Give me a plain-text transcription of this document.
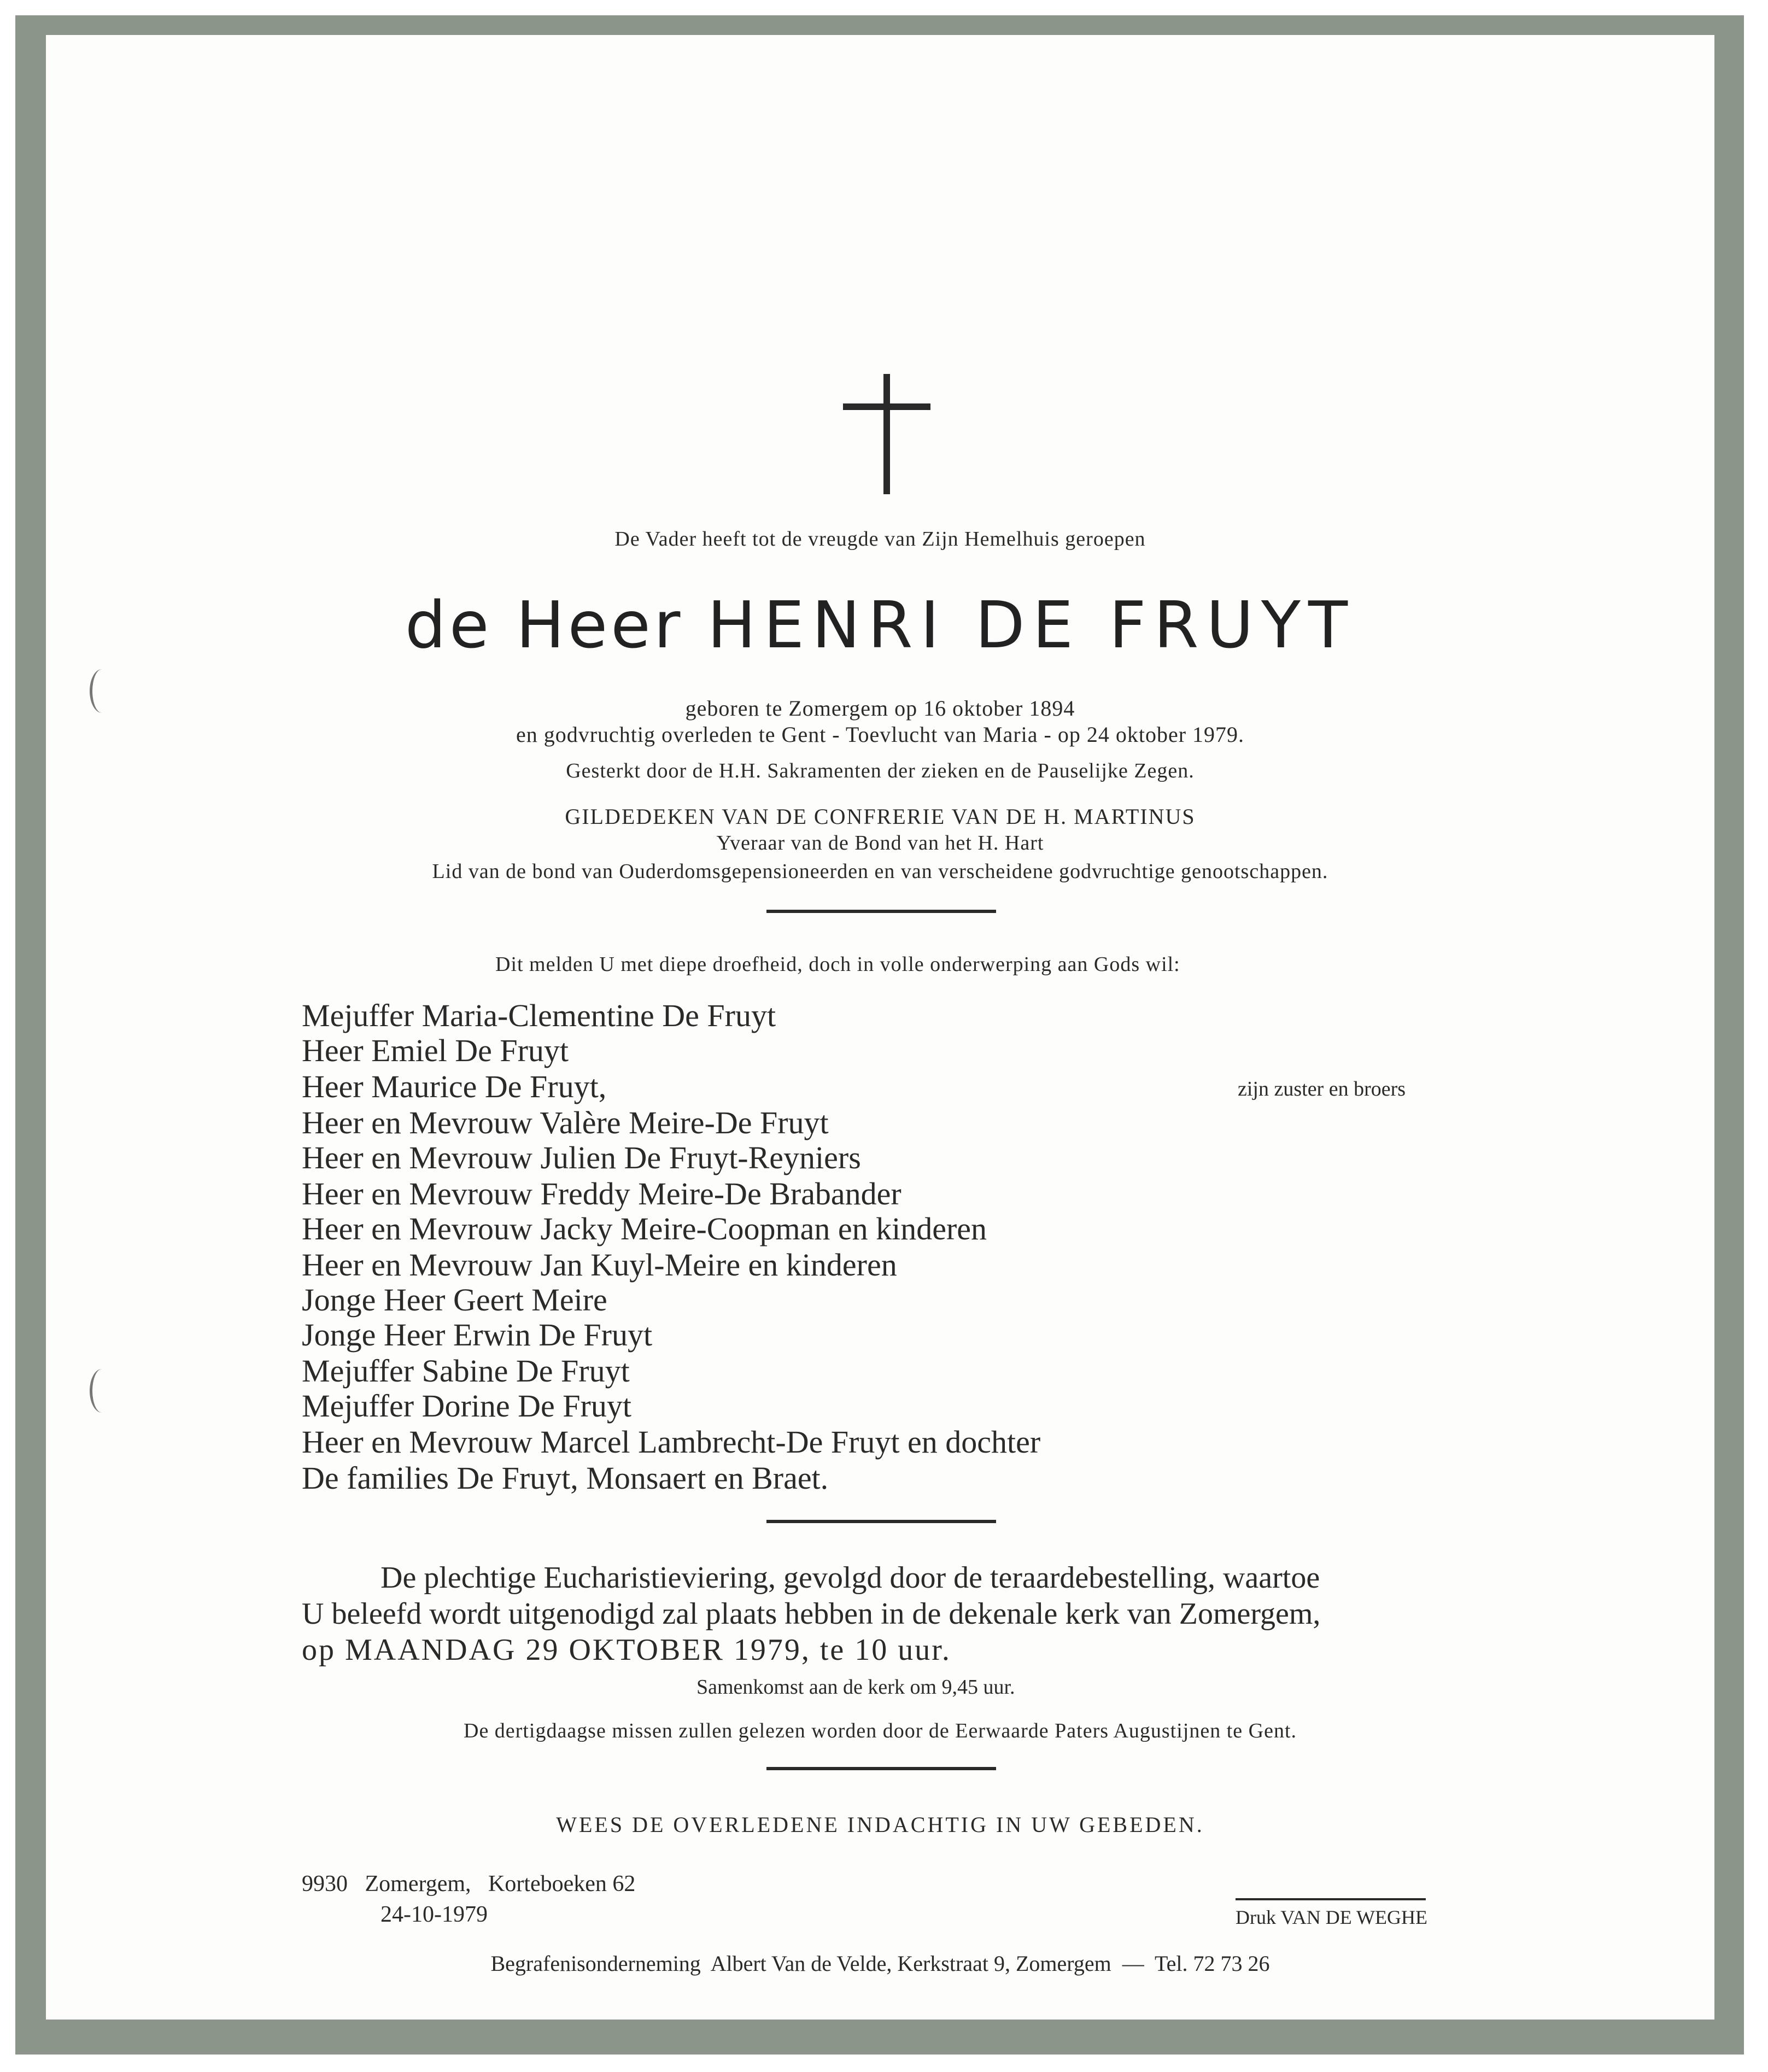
De Vader heeft tot de vreugde van Zijn Hemelhuis geroepen
de Heer HENRI DE FRUYT
geboren te Zomergem op 16 oktober 1894
en godvruchtig overleden te Gent - Toevlucht van Maria - op 24 oktober 1979.
Gesterkt door de H.H. Sakramenten der zieken en de Pauselijke Zegen.
GILDEDEKEN VAN DE CONFRERIE VAN DE H. MARTINUS
Yveraar van de Bond van het H. Hart
Lid van de bond van Ouderdomsgepensioneerden en van verscheidene godvruchtige genootschappen.
Dit melden U met diepe droefheid, doch in volle onderwerping aan Gods wil:
Mejuffer Maria-Clementine De Fruyt
Heer Emiel De Fruyt
Heer Maurice De Fruyt,	zijn zuster en broers
Heer en Mevrouw Valère Meire-De Fruyt
Heer en Mevrouw Julien De Fruyt-Reyniers
Heer en Mevrouw Freddy Meire-De Brabander
Heer en Mevrouw Jacky Meire-Coopman en kinderen
Heer en Mevrouw Jan Kuyl-Meire en kinderen
Jonge Heer Geert Meire
Jonge Heer Erwin De Fruyt
Mejuffer Sabine De Fruyt
Mejuffer Dorine De Fruyt
Heer en Mevrouw Marcel Lambrecht-De Fruyt en dochter
De families De Fruyt, Monsaert en Braet.
De plechtige Eucharistieviering, gevolgd door de teraardebestelling, waartoe
U beleefd wordt uitgenodigd zal plaats hebben in de dekenale kerk van Zomergem,
op MAANDAG 29 OKTOBER 1979, te 10 uur.
Samenkomst aan de kerk om 9,45 uur.
De dertigdaagse missen zullen gelezen worden door de Eerwaarde Paters Augustijnen te Gent.
WEES DE OVERLEDENE INDACHTIG IN UW GEBEDEN.
9930   Zomergem,   Korteboeken 62
24-10-1979	Druk VAN DE WEGHE
Begrafenisonderneming  Albert Van de Velde, Kerkstraat 9, Zomergem  —  Tel. 72 73 26
